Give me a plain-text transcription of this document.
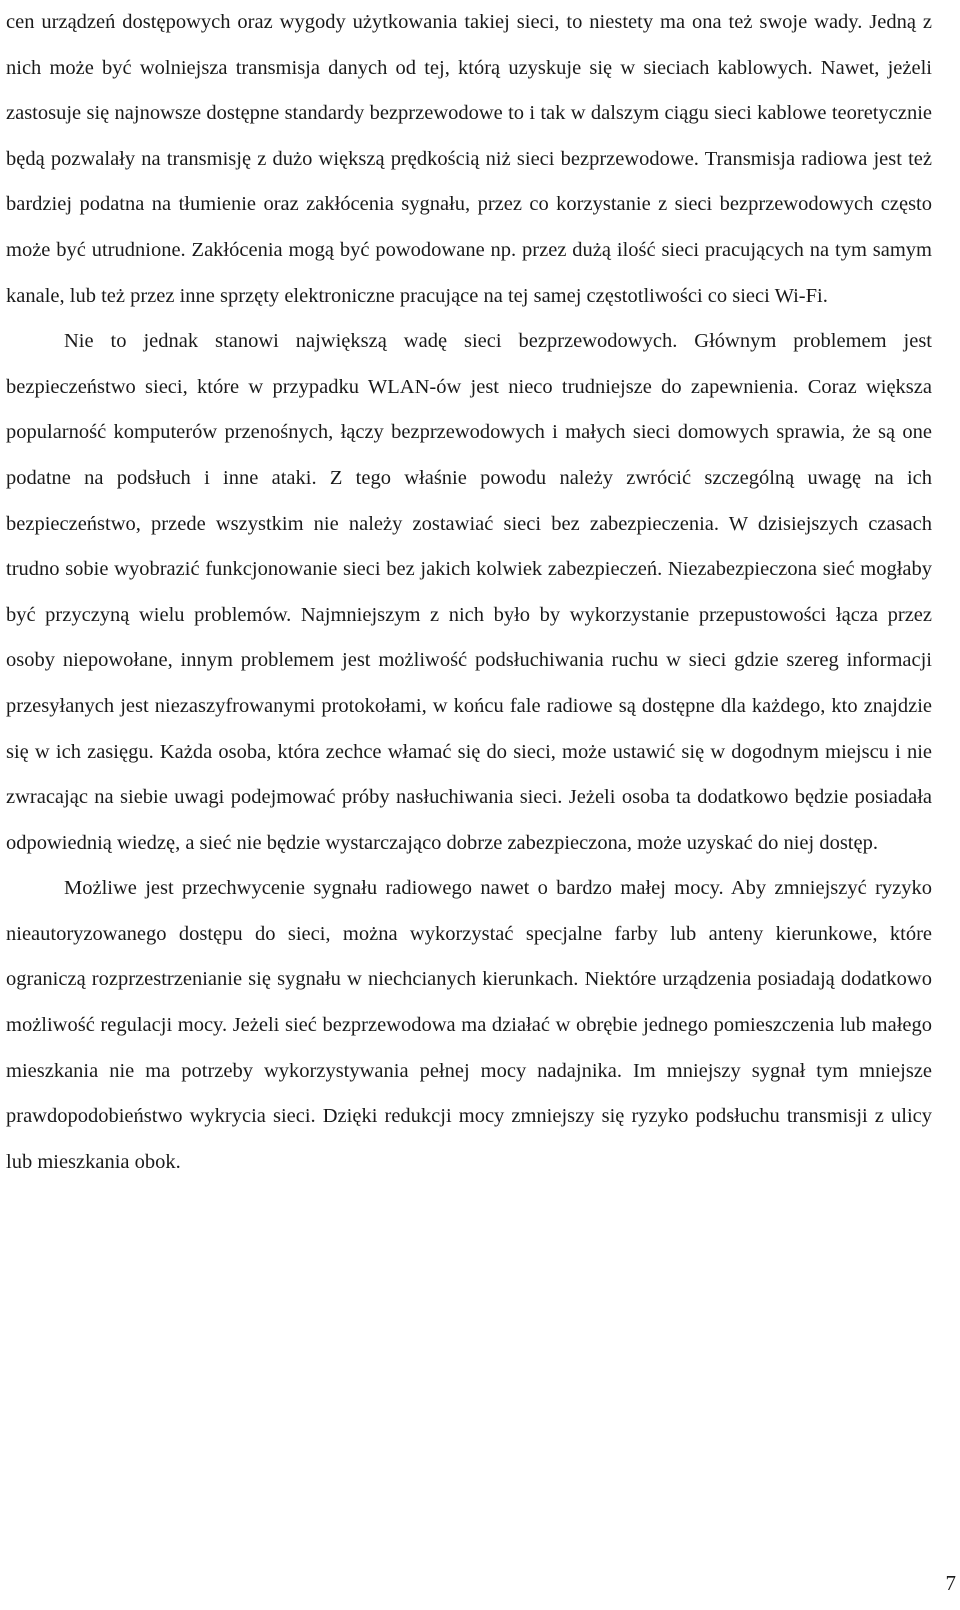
cen urządzeń dostępowych oraz wygody użytkowania takiej sieci, to niestety ma ona też swoje wady. Jedną z nich może być wolniejsza transmisja danych od tej, którą uzyskuje się w sieciach kablowych. Nawet, jeżeli zastosuje się najnowsze dostępne standardy bezprzewodowe to i tak w dalszym ciągu sieci kablowe teoretycznie będą pozwalały na transmisję z dużo większą prędkością niż sieci bezprzewodowe. Transmisja radiowa jest też bardziej podatna na tłumienie oraz zakłócenia sygnału, przez co korzystanie z sieci bezprzewodowych często może być utrudnione. Zakłócenia mogą być powodowane np. przez dużą ilość sieci pracujących na tym samym kanale, lub też przez inne sprzęty elektroniczne pracujące na tej samej częstotliwości co sieci Wi-Fi.

Nie to jednak stanowi największą wadę sieci bezprzewodowych. Głównym problemem jest bezpieczeństwo sieci, które w przypadku WLAN-ów jest nieco trudniejsze do zapewnienia. Coraz większa popularność komputerów przenośnych, łączy bezprzewodowych i małych sieci domowych sprawia, że są one podatne na podsłuch i inne ataki. Z tego właśnie powodu należy zwrócić szczególną uwagę na ich bezpieczeństwo, przede wszystkim nie należy zostawiać sieci bez zabezpieczenia. W dzisiejszych czasach trudno sobie wyobrazić funkcjonowanie sieci bez jakich kolwiek zabezpieczeń. Niezabezpieczona sieć mogłaby być przyczyną wielu problemów. Najmniejszym z nich było by wykorzystanie przepustowości łącza przez osoby niepowołane, innym problemem jest możliwość podsłuchiwania ruchu w sieci gdzie szereg informacji przesyłanych jest niezaszyfrowanymi protokołami, w końcu fale radiowe są dostępne dla każdego, kto znajdzie się w ich zasięgu. Każda osoba, która zechce włamać się do sieci, może ustawić się w dogodnym miejscu i nie zwracając na siebie uwagi podejmować próby nasłuchiwania sieci. Jeżeli osoba ta dodatkowo będzie posiadała odpowiednią wiedzę, a sieć nie będzie wystarczająco dobrze zabezpieczona, może uzyskać do niej dostęp.

Możliwe jest przechwycenie sygnału radiowego nawet o bardzo małej mocy. Aby zmniejszyć ryzyko nieautoryzowanego dostępu do sieci, można wykorzystać specjalne farby lub anteny kierunkowe, które ograniczą rozprzestrzenianie się sygnału w niechcianych kierunkach. Niektóre urządzenia posiadają dodatkowo możliwość regulacji mocy. Jeżeli sieć bezprzewodowa ma działać w obrębie jednego pomieszczenia lub małego mieszkania nie ma potrzeby wykorzystywania pełnej mocy nadajnika. Im mniejszy sygnał tym mniejsze prawdopodobieństwo wykrycia sieci. Dzięki redukcji mocy zmniejszy się ryzyko podsłuchu transmisji z ulicy lub mieszkania obok.

7
